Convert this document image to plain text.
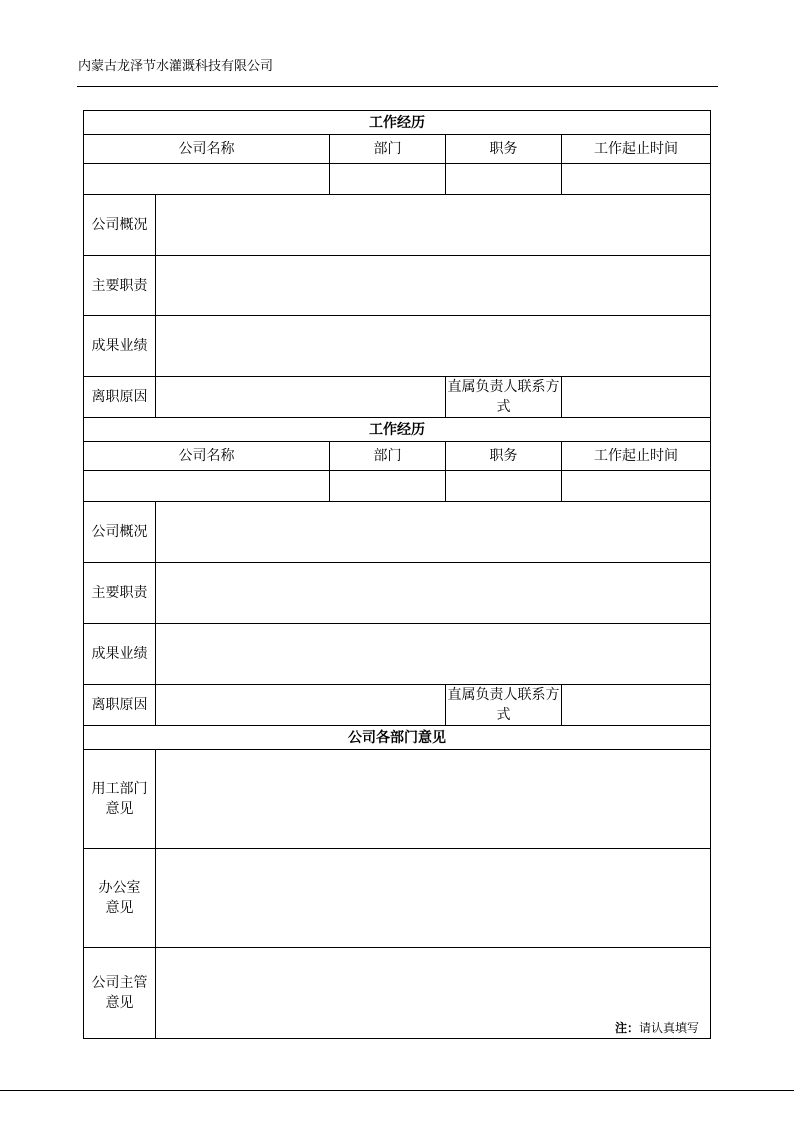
内蒙古龙泽节水灌溉科技有限公司
工作经历				
公司名称		部门	职务	工作起止时间

公司概况				
主要职责				
成果业绩				
离职原因			直属负责人联系方式	
工作经历				
公司名称		部门	职务	工作起止时间

公司概况				
主要职责				
成果业绩				
离职原因			直属负责人联系方式	
公司各部门意见				

用工部门
意见				

办公室
意见				

公司主管
意见				

注：请认真填写
